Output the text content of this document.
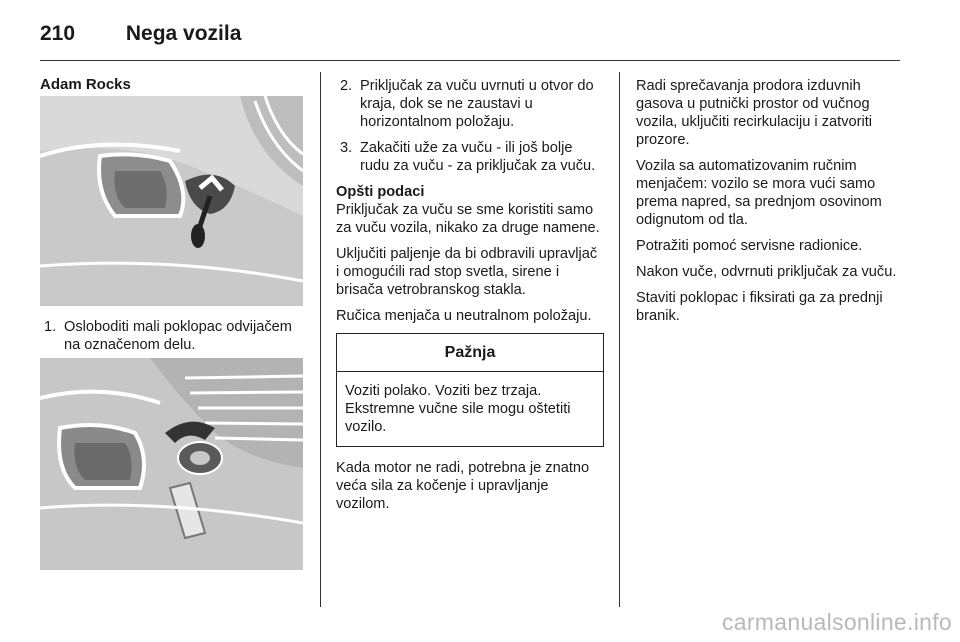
210 Nega vozila
Adam Rocks
1. Osloboditi mali poklopac odvijačem na označenom delu.
2. Priključak za vuču uvrnuti u otvor do kraja, dok se ne zaustavi u horizontalnom položaju.
3. Zakačiti uže za vuču - ili još bolje rudu za vuču - za priključak za vuču.
Opšti podaci

Priključak za vuču se sme koristiti samo za vuču vozila, nikako za druge namene.

Uključiti paljenje da bi odbravili upravljač i omogućili rad stop svetla, sirene i brisača vetrobranskog stakla.

Ručica menjača u neutralnom položaju.

Pažnja
Voziti polako. Voziti bez trzaja. Ekstremne vučne sile mogu oštetiti vozilo.

Kada motor ne radi, potrebna je znatno veća sila za kočenje i upravljanje vozilom.

Radi sprečavanja prodora izduvnih gasova u putnički prostor od vučnog vozila, uključiti recirkulaciju i zatvoriti prozore.

Vozila sa automatizovanim ručnim menjačem: vozilo se mora vući samo prema napred, sa prednjom osovinom odignutom od tla.

Potražiti pomoć servisne radionice.

Nakon vuče, odvrnuti priključak za vuču.

Staviti poklopac i fiksirati ga za prednji branik.

carmanualsonline.info
